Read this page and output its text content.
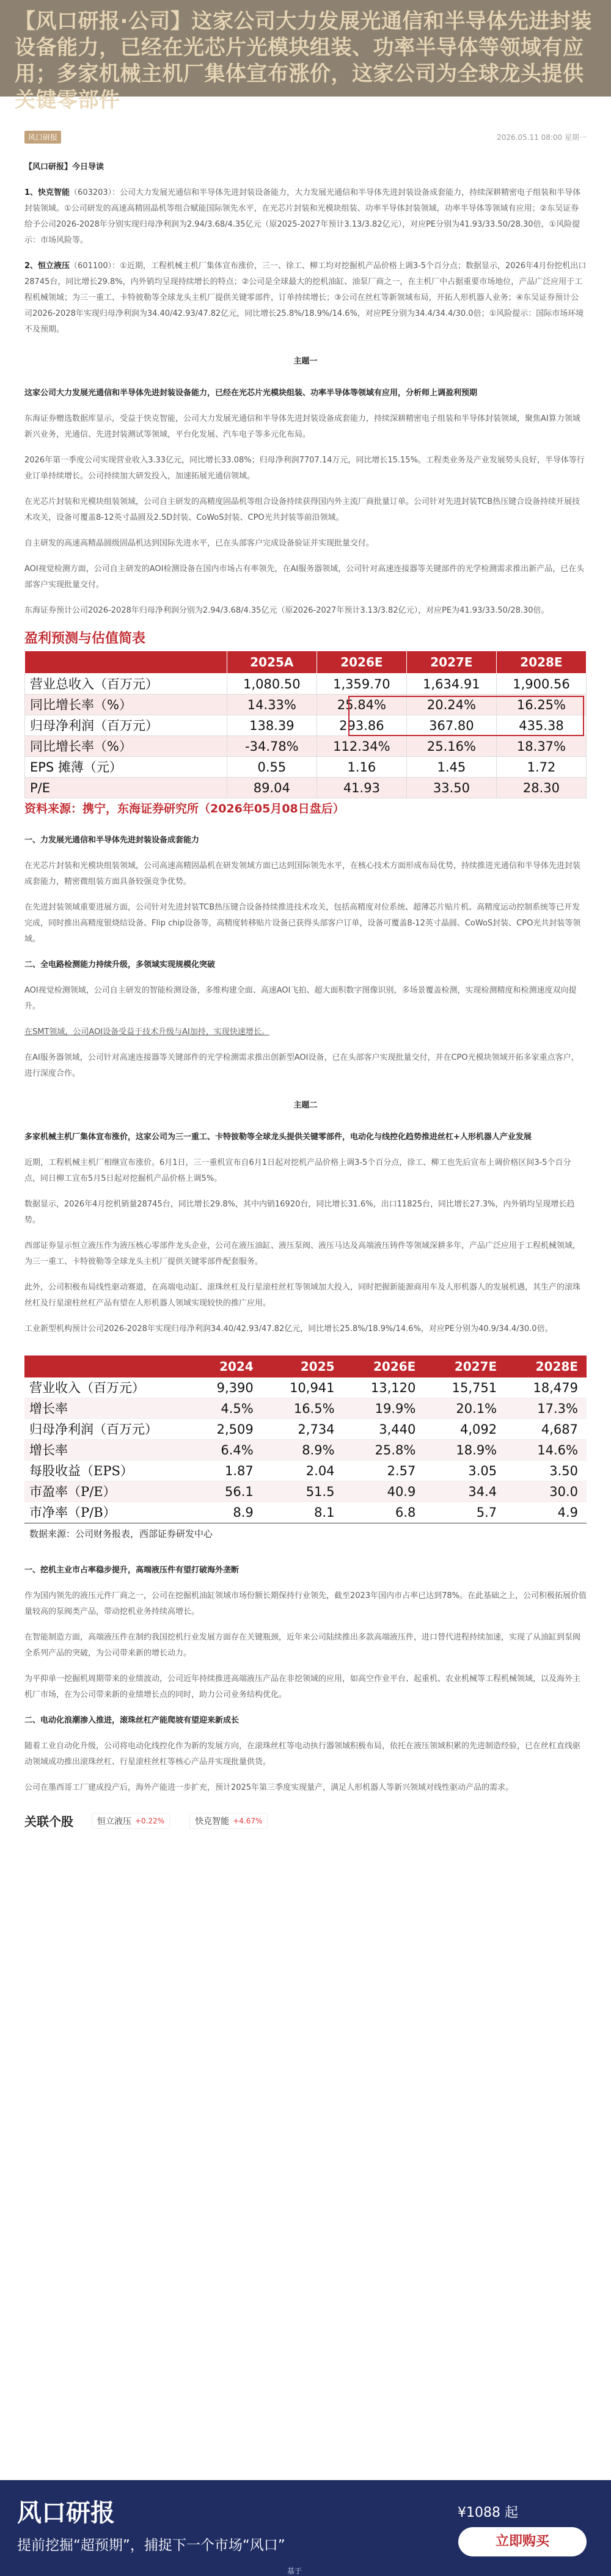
【风口研报·公司】这家公司大力发展光通信和半导体先进封装设备能力，已经在光芯片光模块组装、功率半导体等领域有应用；多家机械主机厂集体宣布涨价，这家公司为全球龙头提供关键零部件
风口研报	2026.05.11 08:00 星期一

【风口研报】今日导读

1、快克智能（603203）：公司大力发展光通信和半导体先进封装设备能力，大力发展光通信和半导体先进封装设备成套能力，持续深耕精密电子组装和半导体封装领域。①公司研发的高速高精固晶机等组合赋能国际领先水平，在光芯片封装和光模块组装、功率半导体封装领域，功率半导体等领域有应用；②东吴证券给予公司2026-2028年分别实现归母净利润为2.94/3.68/4.35亿元（原2025-2027年预计3.13/3.82亿元），对应PE分别为41.93/33.50/28.30倍，①风险提示：市场风险等。

2、恒立液压（601100）：①近期，工程机械主机厂集体宣布涨价，三一、徐工、柳工均对挖掘机产品价格上调3-5个百分点；数据显示，2026年4月份挖机出口28745台，同比增长29.8%，内外销均呈现持续增长的特点；②公司是全球最大的挖机油缸、油泵厂商之一，在主机厂中占据重要市场地位，产品广泛应用于工程机械领域；为三一重工、卡特彼勒等全球龙头主机厂提供关键零部件，订单持续增长；③公司在丝杠等新领域布局，开拓人形机器人业务；④东吴证券预计公司2026-2028年实现归母净利润为34.40/42.93/47.82亿元，同比增长25.8%/18.9%/14.6%，对应PE分别为34.4/34.4/30.0倍；①风险提示：国际市场环境不及预期。

主题一

这家公司大力发展光通信和半导体先进封装设备能力，已经在光芯片光模块组装、功率半导体等领域有应用，分析师上调盈利预期

东海证券赠选数据库显示，受益于快克智能，公司大力发展光通信和半导体先进封装设备成套能力，持续深耕精密电子组装和半导体封装领域，聚焦AI算力领域新兴业务，光通信、先进封装测试等领域，平台化发展、汽车电子等多元化布局。

2026年第一季度公司实现营业收入3.33亿元，同比增长33.08%；归母净利润7707.14万元，同比增长15.15%。工程类业务及产业发展势头良好，半导体等行业订单持续增长。公司持续加大研发投入，加速拓展光通信领域。

在光芯片封装和光模块组装领域，公司自主研发的高精度固晶机等组合设备持续获得国内外主流厂商批量订单。公司针对先进封装TCB热压键合设备持续开展技术攻关，设备可覆盖8-12英寸晶圆及2.5D封装、CoWoS封装、CPO光共封装等前沿领域。

自主研发的高速高精晶圆级固晶机达到国际先进水平，已在头部客户完成设备验证并实现批量交付。

AOI视觉检测方面，公司自主研发的AOI检测设备在国内市场占有率领先，在AI服务器领域，公司针对高速连接器等关键部件的光学检测需求推出新产品，已在头部客户实现批量交付。

东海证券预计公司2026-2028年归母净利润分别为2.94/3.68/4.35亿元（原2026-2027年预计3.13/3.82亿元），对应PE为41.93/33.50/28.30倍。

盈利预测与估值简表
	2025A	2026E	2027E	2028E
营业总收入（百万元）	1,080.50	1,359.70	1,634.91	1,900.56
同比增长率（%）	14.33%	25.84%	20.24%	16.25%
归母净利润（百万元）	138.39	293.86	367.80	435.38
同比增长率（%）	-34.78%	112.34%	25.16%	18.37%
EPS 摊薄（元）	0.55	1.16	1.45	1.72
P/E	89.04	41.93	33.50	28.30
资料来源：携宁，东海证券研究所（2026年05月08日盘后）

一、力发展光通信和半导体先进封装设备成套能力

在光芯片封装和光模块组装领域，公司高速高精固晶机在研发领域方面已达到国际领先水平，在核心技术方面形成布局优势，持续推进光通信和半导体先进封装成套能力，精密微组装方面具备较强竞争优势。

在先进封装领域重要进展方面，公司针对先进封装TCB热压键合设备持续推进技术攻关，包括高精度对位系统、超薄芯片贴片机、高精度运动控制系统等已开发完成，同时推出高精度银烧结设备、Flip chip设备等，高精度转移贴片设备已获得头部客户订单，设备可覆盖8-12英寸晶圆、CoWoS封装、CPO光共封装等领域。

二、全电路检测能力持续升级，多领域实现规模化突破

AOI视觉检测领域，公司自主研发的智能检测设备，多维构建全面、高速AOI飞拍、超大面积数字图像识别，多场景覆盖检测，实现检测精度和检测速度双向提升。

在SMT领域，公司AOI设备受益于技术升级与AI加持，实现快速增长。

在AI服务器领域，公司针对高速连接器等关键部件的光学检测需求推出创新型AOI设备，已在头部客户实现批量交付，并在CPO光模块领域开拓多家重点客户，进行深度合作。

主题二

多家机械主机厂集体宣布涨价，这家公司为三一重工、卡特彼勒等全球龙头提供关键零部件，电动化与线控化趋势推进丝杠+人形机器人产业发展

近期，工程机械主机厂相继宣布涨价。6月1日，三一重机宣布自6月1日起对挖机产品价格上调3-5个百分点，徐工、柳工也先后宣布上调价格区间3-5个百分点，同日柳工宣布5月5日起对挖掘机产品价格上调5%。

数据显示，2026年4月挖机销量28745台，同比增长29.8%，其中内销16920台，同比增长31.6%，出口11825台，同比增长27.3%，内外销均呈现增长趋势。

西部证券显示恒立液压作为液压核心零部件龙头企业，公司在液压油缸、液压泵阀、液压马达及高端液压铸件等领域深耕多年，产品广泛应用于工程机械领域，为三一重工、卡特彼勒等全球龙头主机厂提供关键零部件配套服务。

此外，公司积极布局线性驱动赛道，在高端电动缸、滚珠丝杠及行星滚柱丝杠等领域加大投入，同时把握新能源商用车及人形机器人的发展机遇，其生产的滚珠丝杠及行星滚柱丝杠产品有望在人形机器人领域实现较快的推广应用。

工业新型机构预计公司2026-2028年实现归母净利润34.40/42.93/47.82亿元，同比增长25.8%/18.9%/14.6%，对应PE分别为40.9/34.4/30.0倍。

	2024	2025	2026E	2027E	2028E
营业收入（百万元）	9,390	10,941	13,120	15,751	18,479
增长率	4.5%	16.5%	19.9%	20.1%	17.3%
归母净利润（百万元）	2,509	2,734	3,440	4,092	4,687
增长率	6.4%	8.9%	25.8%	18.9%	14.6%
每股收益（EPS）	1.87	2.04	2.57	3.05	3.50
市盈率（P/E）	56.1	51.5	40.9	34.4	30.0
市净率（P/B）	8.9	8.1	6.8	5.7	4.9
数据来源：公司财务报表，西部证券研发中心

一、挖机主业市占率稳步提升，高端液压件有望打破海外垄断

作为国内领先的液压元件厂商之一，公司在挖掘机油缸领域市场份额长期保持行业领先，截至2023年国内市占率已达到78%。在此基础之上，公司积极拓展价值量较高的泵阀类产品，带动挖机业务持续高增长。

在智能制造方面，高端液压件在制约我国挖机行业发展方面存在关键瓶颈，近年来公司陆续推出多款高端液压件，进口替代进程持续加速，实现了从油缸到泵阀全系列产品的突破，为公司带来新的增长动力。

为平抑单一挖掘机周期带来的业绩波动，公司近年持续推进高端液压产品在非挖领域的应用，如高空作业平台、起重机、农业机械等工程机械领域，以及海外主机厂市场，在为公司带来新的业绩增长点的同时，助力公司业务结构优化。

二、电动化浪潮渗入推进，滚珠丝杠产能爬坡有望迎来新成长

随着工业自动化升级，公司将电动化线控化作为新的发展方向，在滚珠丝杠等电动执行器领域积极布局，依托在液压领域积累的先进制造经验，已在丝杠直线驱动领域成功推出滚珠丝杠、行星滚柱丝杠等核心产品并实现批量供货。

公司在墨西哥工厂建成投产后，海外产能进一步扩充，预计2025年第三季度实现量产，满足人形机器人等新兴领域对线性驱动产品的需求。

关联个股	恒立液压 +0.22%	快克智能 +4.67%
风口研报
提前挖掘“超预期”，捕捉下一个市场“风口”
¥1088 起
立即购买
基于
